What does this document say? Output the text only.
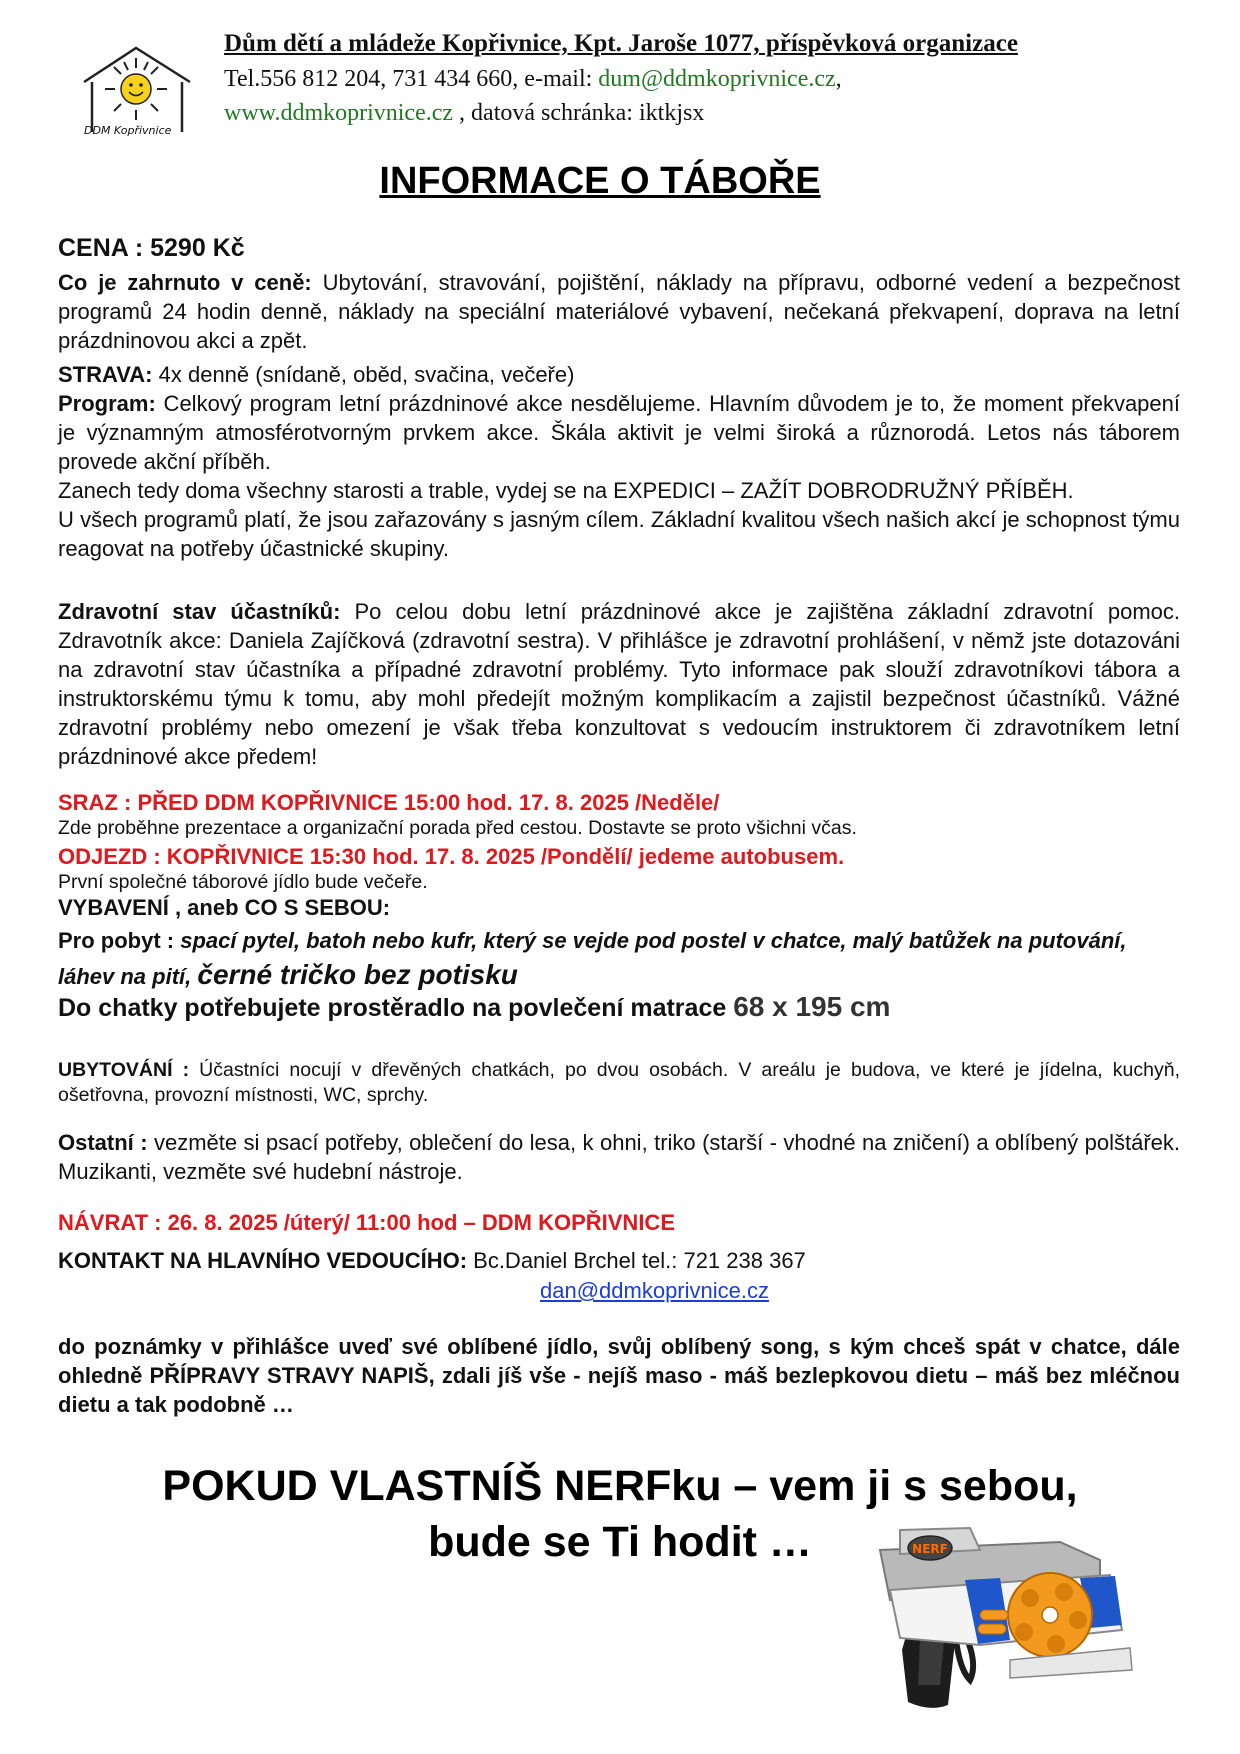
DDM Kopřivnice
Dům dětí a mládeže Kopřivnice, Kpt. Jaroše 1077, příspěvková organizace
Tel.556 812 204, 731 434 660, e-mail: dum@ddmkoprivnice.cz,
www.ddmkoprivnice.cz , datová schránka: iktkjsx
INFORMACE O TÁBOŘE
CENA : 5290 Kč
Co je zahrnuto v ceně: Ubytování, stravování, pojištění, náklady na přípravu, odborné vedení a bezpečnost programů 24 hodin denně, náklady na speciální materiálové vybavení, nečekaná překvapení, doprava na letní prázdninovou akci a zpět.
STRAVA: 4x denně (snídaně, oběd, svačina, večeře)
Program: Celkový program letní prázdninové akce nesdělujeme. Hlavním důvodem je to, že moment překvapení je významným atmosférotvorným prvkem akce. Škála aktivit je velmi široká a různorodá. Letos nás táborem provede akční příběh.
Zanech tedy doma všechny starosti a trable, vydej se na EXPEDICI – ZAŽÍT DOBRODRUŽNÝ PŘÍBĚH.
U všech programů platí, že jsou zařazovány s jasným cílem. Základní kvalitou všech našich akcí je schopnost týmu reagovat na potřeby účastnické skupiny.
Zdravotní stav účastníků: Po celou dobu letní prázdninové akce je zajištěna základní zdravotní pomoc. Zdravotník akce: Daniela Zajíčková (zdravotní sestra). V přihlášce je zdravotní prohlášení, v němž jste dotazováni na zdravotní stav účastníka a případné zdravotní problémy. Tyto informace pak slouží zdravotníkovi tábora a instruktorskému týmu k tomu, aby mohl předejít možným komplikacím a zajistil bezpečnost účastníků. Vážné zdravotní problémy nebo omezení je však třeba konzultovat s vedoucím instruktorem či zdravotníkem letní prázdninové akce předem!
SRAZ : PŘED DDM KOPŘIVNICE 15:00 hod. 17. 8. 2025 /Neděle/
Zde proběhne prezentace a organizační porada před cestou. Dostavte se proto všichni včas.
ODJEZD : KOPŘIVNICE 15:30 hod. 17. 8. 2025 /Pondělí/ jedeme autobusem.
První společné táborové jídlo bude večeře.
VYBAVENÍ , aneb CO S SEBOU:
Pro pobyt : spací pytel, batoh nebo kufr, který se vejde pod postel v chatce, malý batůžek na putování, láhev na pití, černé tričko bez potisku
Do chatky potřebujete prostěradlo na povlečení matrace 68 x 195 cm
UBYTOVÁNÍ : Účastníci nocují v dřevěných chatkách, po dvou osobách. V areálu je budova, ve které je jídelna, kuchyň, ošetřovna, provozní místnosti, WC, sprchy.
Ostatní : vezměte si psací potřeby, oblečení do lesa, k ohni, triko (starší - vhodné na zničení) a oblíbený polštářek. Muzikanti, vezměte své hudební nástroje.
NÁVRAT : 26. 8. 2025 /úterý/ 11:00 hod – DDM KOPŘIVNICE
KONTAKT NA HLAVNÍHO VEDOUCÍHO: Bc.Daniel Brchel tel.: 721 238 367
dan@ddmkoprivnice.cz
do poznámky v přihlášce uveď své oblíbené jídlo, svůj oblíbený song, s kým chceš spát v chatce, dále ohledně PŘÍPRAVY STRAVY NAPIŠ, zdali jíš vše - nejíš maso - máš bezlepkovou dietu – máš bez mléčnou dietu a tak podobně …
POKUD VLASTNÍŠ NERFku – vem ji s sebou,
bude se Ti hodit …	NERF
